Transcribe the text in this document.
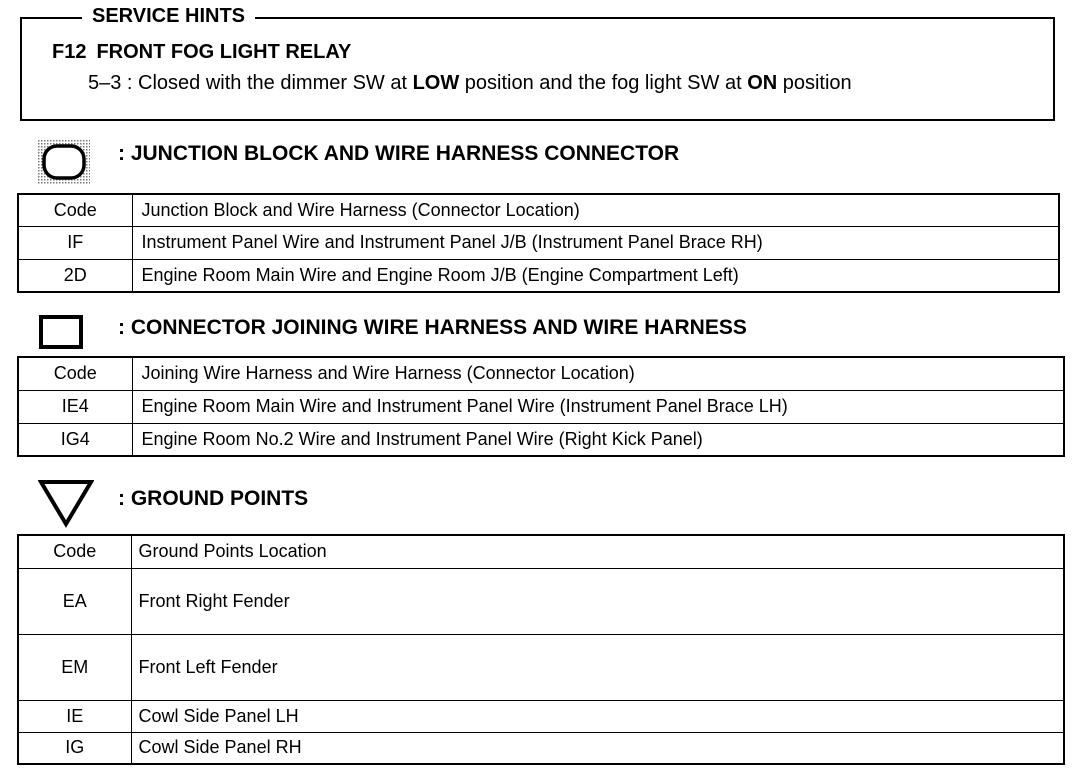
SERVICE HINTS
F12 FRONT FOG LIGHT RELAY
5–3 : Closed with the dimmer SW at LOW position and the fog light SW at ON position
: JUNCTION BLOCK AND WIRE HARNESS CONNECTOR
Code	Junction Block and Wire Harness (Connector Location)
IF	Instrument Panel Wire and Instrument Panel J/B (Instrument Panel Brace RH)
2D	Engine Room Main Wire and Engine Room J/B (Engine Compartment Left)
: CONNECTOR JOINING WIRE HARNESS AND WIRE HARNESS
Code	Joining Wire Harness and Wire Harness (Connector Location)
IE4	Engine Room Main Wire and Instrument Panel Wire (Instrument Panel Brace LH)
IG4	Engine Room No.2 Wire and Instrument Panel Wire (Right Kick Panel)
: GROUND POINTS
Code	Ground Points Location
EA	Front Right Fender
EM	Front Left Fender
IE	Cowl Side Panel LH
IG	Cowl Side Panel RH
